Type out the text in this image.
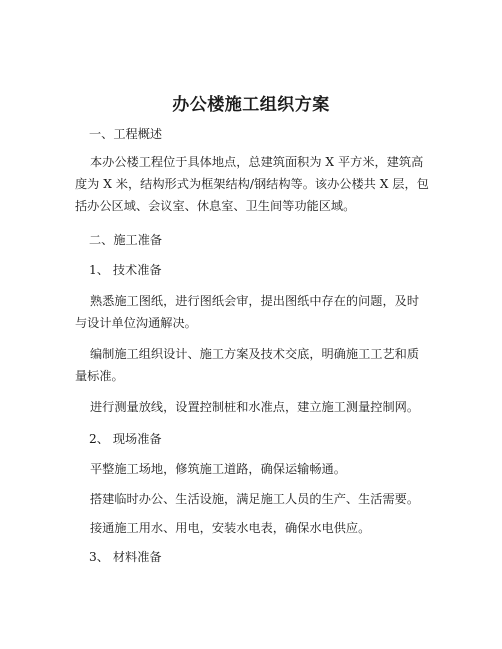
办公楼施工组织方案

一、工程概述

本办公楼工程位于具体地点，总建筑面积为 X 平方米，建筑高度为 X 米，结构形式为框架结构/钢结构等。该办公楼共 X 层，包括办公区域、会议室、休息室、卫生间等功能区域。

二、施工准备

1、 技术准备

熟悉施工图纸，进行图纸会审，提出图纸中存在的问题，及时与设计单位沟通解决。

编制施工组织设计、施工方案及技术交底，明确施工工艺和质量标准。

进行测量放线，设置控制桩和水准点，建立施工测量控制网。

2、 现场准备

平整施工场地，修筑施工道路，确保运输畅通。

搭建临时办公、生活设施，满足施工人员的生产、生活需要。

接通施工用水、用电，安装水电表，确保水电供应。

3、 材料准备
